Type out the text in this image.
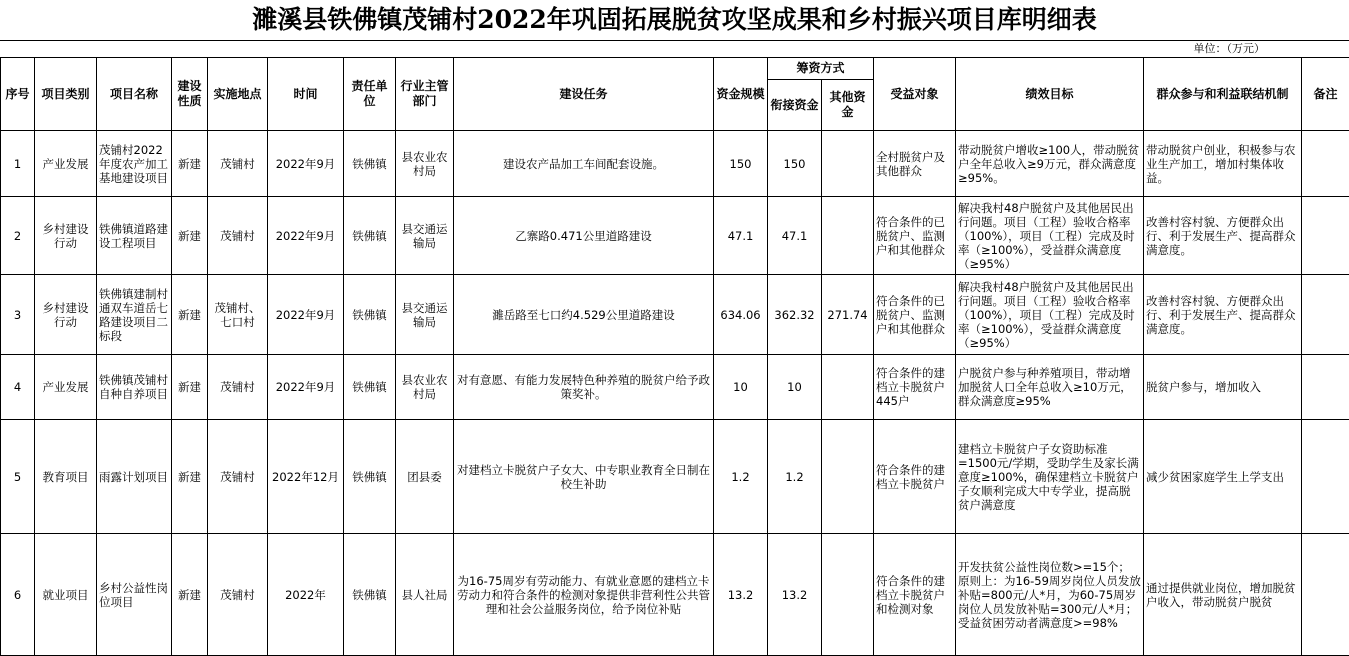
濉溪县铁佛镇茂铺村2022年巩固拓展脱贫攻坚成果和乡村振兴项目库明细表
单位：（万元）
序号	项目类别	项目名称	建设性质	实施地点	时间	责任单位	行业主管部门	建设任务	资金规模	筹资方式		受益对象	绩效目标	群众参与和利益联结机制	备注
										衔接资金	其他资金				
1	产业发展	茂铺村2022年度农产加工基地建设项目	新建	茂铺村	2022年9月	铁佛镇	县农业农村局	建设农产品加工车间配套设施。	150	150		全村脱贫户及其他群众	带动脱贫户增收≥100人，带动脱贫户全年总收入≥9万元，群众满意度≥95%。	带动脱贫户创业，积极参与农业生产加工，增加村集体收益。	
2	乡村建设行动	铁佛镇道路建设工程项目	新建	茂铺村	2022年9月	铁佛镇	县交通运输局	乙寨路0.471公里道路建设	47.1	47.1		符合条件的已脱贫户、监测户和其他群众	解决我村48户脱贫户及其他居民出行问题。项目（工程）验收合格率 （100%），项目（工程）完成及时率（≥100%），受益群众满意度（≥95%）	改善村容村貌、方便群众出行、利于发展生产、提高群众满意度。	
3	乡村建设行动	铁佛镇建制村通双车道岳七路建设项目二标段	新建	茂铺村、七口村	2022年9月	铁佛镇	县交通运输局	濉岳路至七口约4.529公里道路建设	634.06	362.32	271.74	符合条件的已脱贫户、监测户和其他群众	解决我村48户脱贫户及其他居民出行问题。项目（工程）验收合格率 （100%），项目（工程）完成及时率（≥100%），受益群众满意度（≥95%）	改善村容村貌、方便群众出行、利于发展生产、提高群众满意度。	
4	产业发展	铁佛镇茂铺村自种自养项目	新建	茂铺村	2022年9月	铁佛镇	县农业农村局	对有意愿、有能力发展特色种养殖的脱贫户给予政策奖补。	10	10		符合条件的建档立卡脱贫户445户	户脱贫户参与种养殖项目，带动增加脱贫人口全年总收入≥10万元，群众满意度≥95%	脱贫户参与，增加收入	
5	教育项目	雨露计划项目	新建	茂铺村	2022年12月	铁佛镇	团县委	对建档立卡脱贫户子女大、中专职业教育全日制在校生补助	1.2	1.2		符合条件的建档立卡脱贫户	建档立卡脱贫户子女资助标准=1500元/学期，受助学生及家长满意度≥100%，确保建档立卡脱贫户子女顺利完成大中专学业，提高脱贫户满意度	减少贫困家庭学生上学支出	
6	就业项目	乡村公益性岗位项目	新建	茂铺村	2022年	铁佛镇	县人社局	为16-75周岁有劳动能力、有就业意愿的建档立卡劳动力和符合条件的检测对象提供非营利性公共管理和社会公益服务岗位，给予岗位补贴	13.2	13.2		符合条件的建档立卡脱贫户和检测对象	开发扶贫公益性岗位数>=15个；原则上：为16-59周岁岗位人员发放补贴=800元/人*月，为60-75周岁岗位人员发放补贴=300元/人*月；受益贫困劳动者满意度>=98%	通过提供就业岗位，增加脱贫户收入，带动脱贫户脱贫	
